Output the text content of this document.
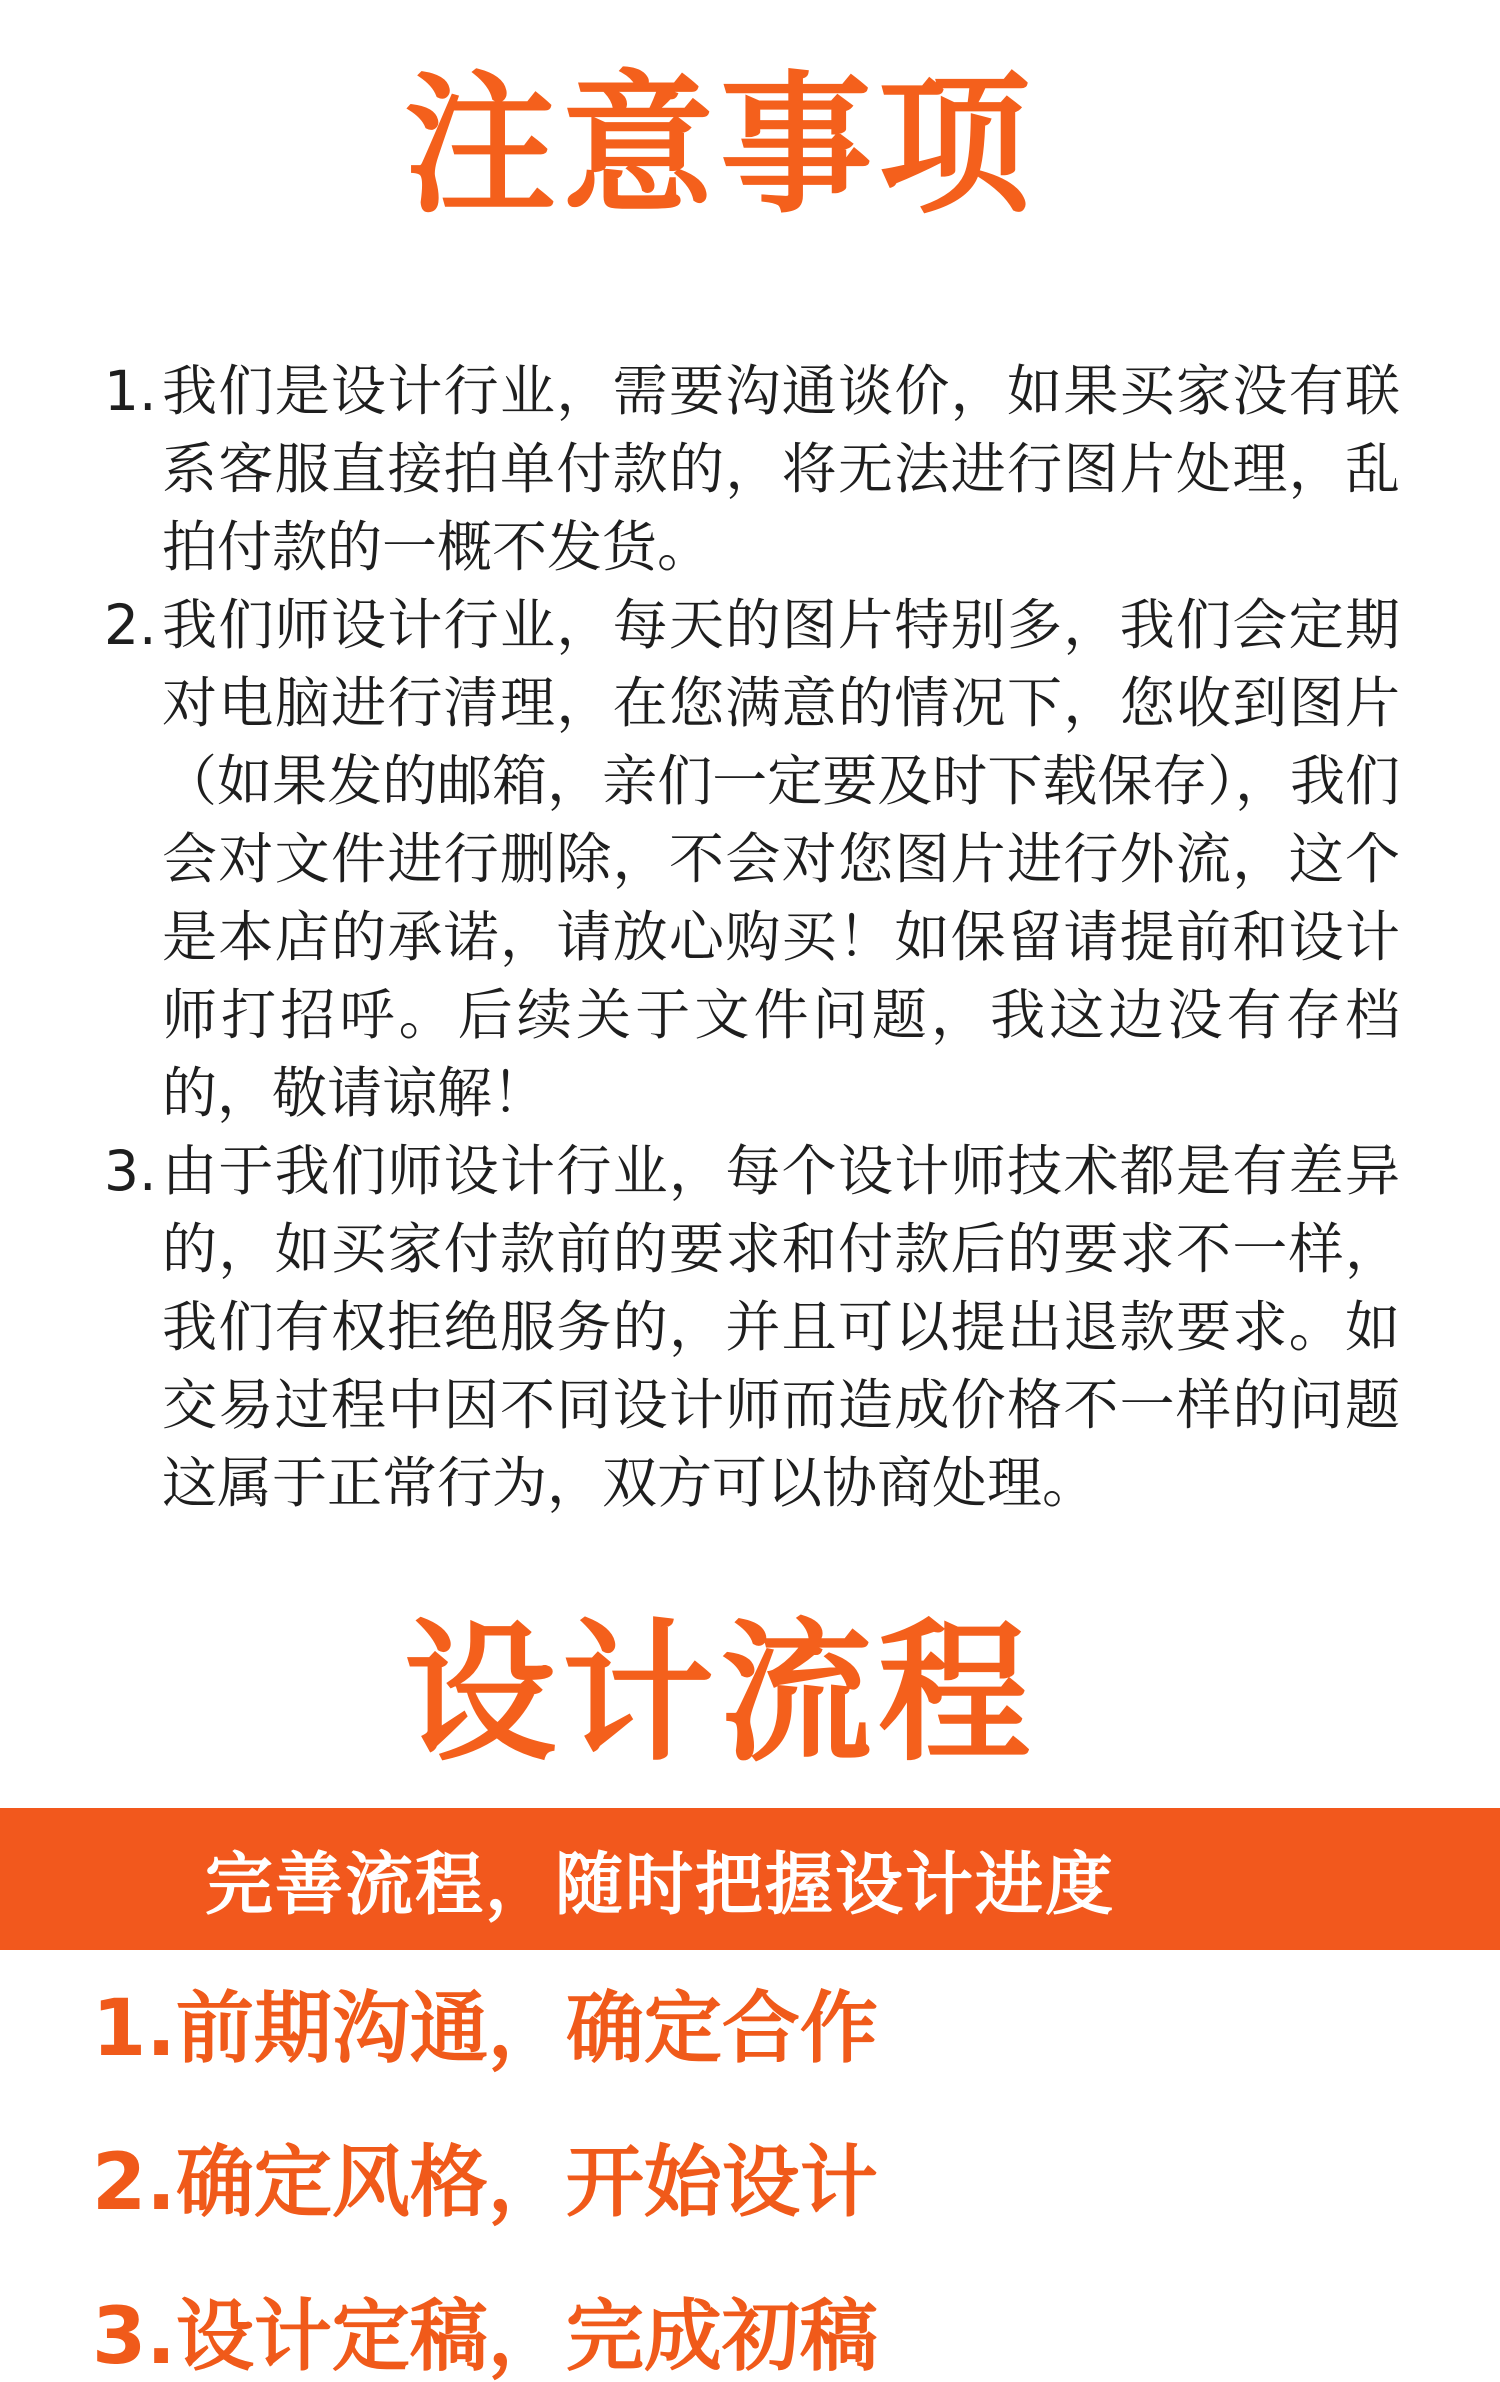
注意事项
1. 我们是设计行业，需要沟通谈价，如果买家没有联系客服直接拍单付款的，将无法进行图片处理，乱拍付款的一概不发货。
2. 我们师设计行业，每天的图片特别多，我们会定期对电脑进行清理，在您满意的情况下，您收到图片（如果发的邮箱，亲们一定要及时下载保存），我们会对文件进行删除，不会对您图片进行外流，这个是本店的承诺，请放心购买！如保留请提前和设计师打招呼。后续关于文件问题，我这边没有存档的，敬请谅解！
3. 由于我们师设计行业，每个设计师技术都是有差异的，如买家付款前的要求和付款后的要求不一样，我们有权拒绝服务的，并且可以提出退款要求。如交易过程中因不同设计师而造成价格不一样的问题这属于正常行为，双方可以协商处理。
设计流程
完善流程，随时把握设计进度
1.前期沟通，确定合作
2.确定风格，开始设计
3.设计定稿，完成初稿
